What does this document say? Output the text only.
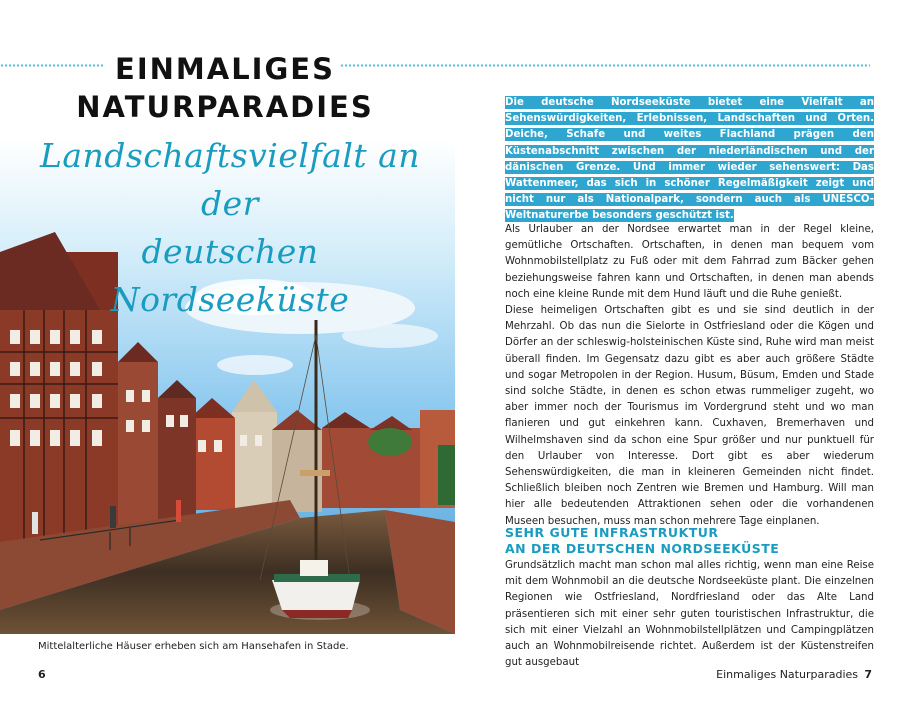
EINMALIGES
NATURPARADIES
Landschaftsvielfalt an der
deutschen Nordseeküste
Mittelalterliche Häuser erheben sich am Hansehafen in Stade.
6
Die deutsche Nordseeküste bietet eine Vielfalt an Sehenswürdigkeiten, Erlebnissen, Landschaften und Orten. Deiche, Schafe und weites Flachland prägen den Küstenabschnitt zwischen der niederländischen und der dänischen Grenze. Und immer wieder sehenswert: Das Wattenmeer, das sich in schöner Regelmäßigkeit zeigt und nicht nur als Nationalpark, sondern auch als UNESCO-Weltnaturerbe besonders geschützt ist.
Als Urlauber an der Nordsee erwartet man in der Regel kleine, gemütliche Ortschaften. Ortschaften, in denen man bequem vom Wohnmobilstellplatz zu Fuß oder mit dem Fahrrad zum Bäcker gehen beziehungsweise fahren kann und Ortschaften, in denen man abends noch eine kleine Runde mit dem Hund läuft und die Ruhe genießt.
Diese heimeligen Ortschaften gibt es und sie sind deutlich in der Mehrzahl. Ob das nun die Sielorte in Ostfriesland oder die Kögen und Dörfer an der schleswig-holsteinischen Küste sind, Ruhe wird man meist überall finden. Im Gegensatz dazu gibt es aber auch größere Städte und sogar Metropolen in der Region. Husum, Büsum, Emden und Stade sind solche Städte, in denen es schon etwas rummeliger zugeht, wo aber immer noch der Tourismus im Vordergrund steht und wo man flanieren und gut einkehren kann. Cuxhaven, Bremerhaven und Wilhelmshaven sind da schon eine Spur größer und nur punktuell für den Urlauber von Interesse. Dort gibt es aber wiederum Sehenswürdigkeiten, die man in kleineren Gemeinden nicht findet. Schließlich bleiben noch Zentren wie Bremen und Hamburg. Will man hier alle bedeutenden Attraktionen sehen oder die vorhandenen Museen besuchen, muss man schon mehrere Tage einplanen.
SEHR GUTE INFRASTRUKTUR
AN DER DEUTSCHEN NORDSEEKÜSTE
Grundsätzlich macht man schon mal alles richtig, wenn man eine Reise mit dem Wohnmobil an die deutsche Nordseeküste plant. Die einzelnen Regionen wie Ostfriesland, Nordfriesland oder das Alte Land präsentieren sich mit einer sehr guten touristischen Infrastruktur, die sich mit einer Vielzahl an Wohnmobilstellplätzen und Campingplätzen auch an Wohnmobilreisende richtet. Außerdem ist der Küstenstreifen gut ausgebaut
Einmaliges Naturparadies 7
